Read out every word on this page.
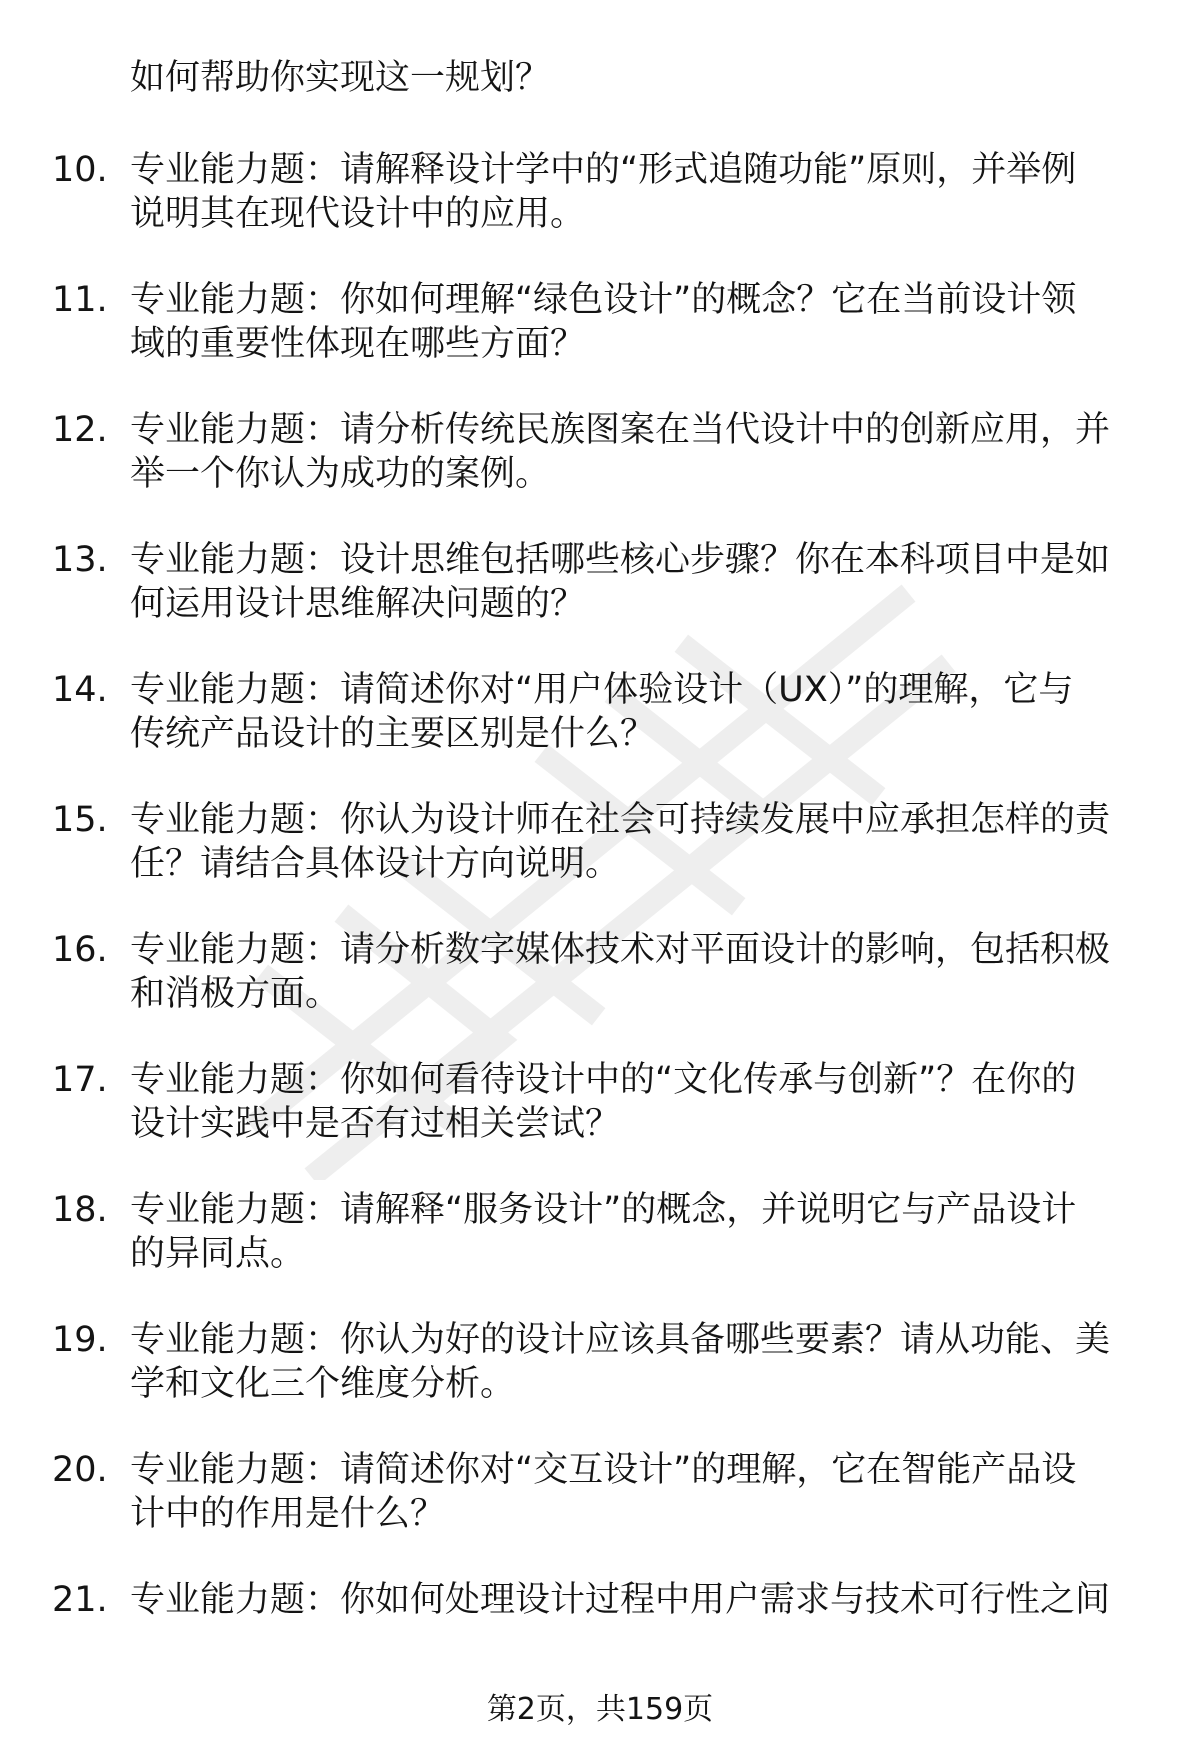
如何帮助你实现这一规划？
10. 专业能力题：请解释设计学中的“形式追随功能”原则，并举例
说明其在现代设计中的应用。
11. 专业能力题：你如何理解“绿色设计”的概念？它在当前设计领
域的重要性体现在哪些方面？
12. 专业能力题：请分析传统民族图案在当代设计中的创新应用，并
举一个你认为成功的案例。
13. 专业能力题：设计思维包括哪些核心步骤？你在本科项目中是如
何运用设计思维解决问题的？
14. 专业能力题：请简述你对“用户体验设计（UX）”的理解，它与
传统产品设计的主要区别是什么？
15. 专业能力题：你认为设计师在社会可持续发展中应承担怎样的责
任？请结合具体设计方向说明。
16. 专业能力题：请分析数字媒体技术对平面设计的影响，包括积极
和消极方面。
17. 专业能力题：你如何看待设计中的“文化传承与创新”？在你的
设计实践中是否有过相关尝试？
18. 专业能力题：请解释“服务设计”的概念，并说明它与产品设计
的异同点。
19. 专业能力题：你认为好的设计应该具备哪些要素？请从功能、美
学和文化三个维度分析。
20. 专业能力题：请简述你对“交互设计”的理解，它在智能产品设
计中的作用是什么？
21. 专业能力题：你如何处理设计过程中用户需求与技术可行性之间
第2页，共159页
